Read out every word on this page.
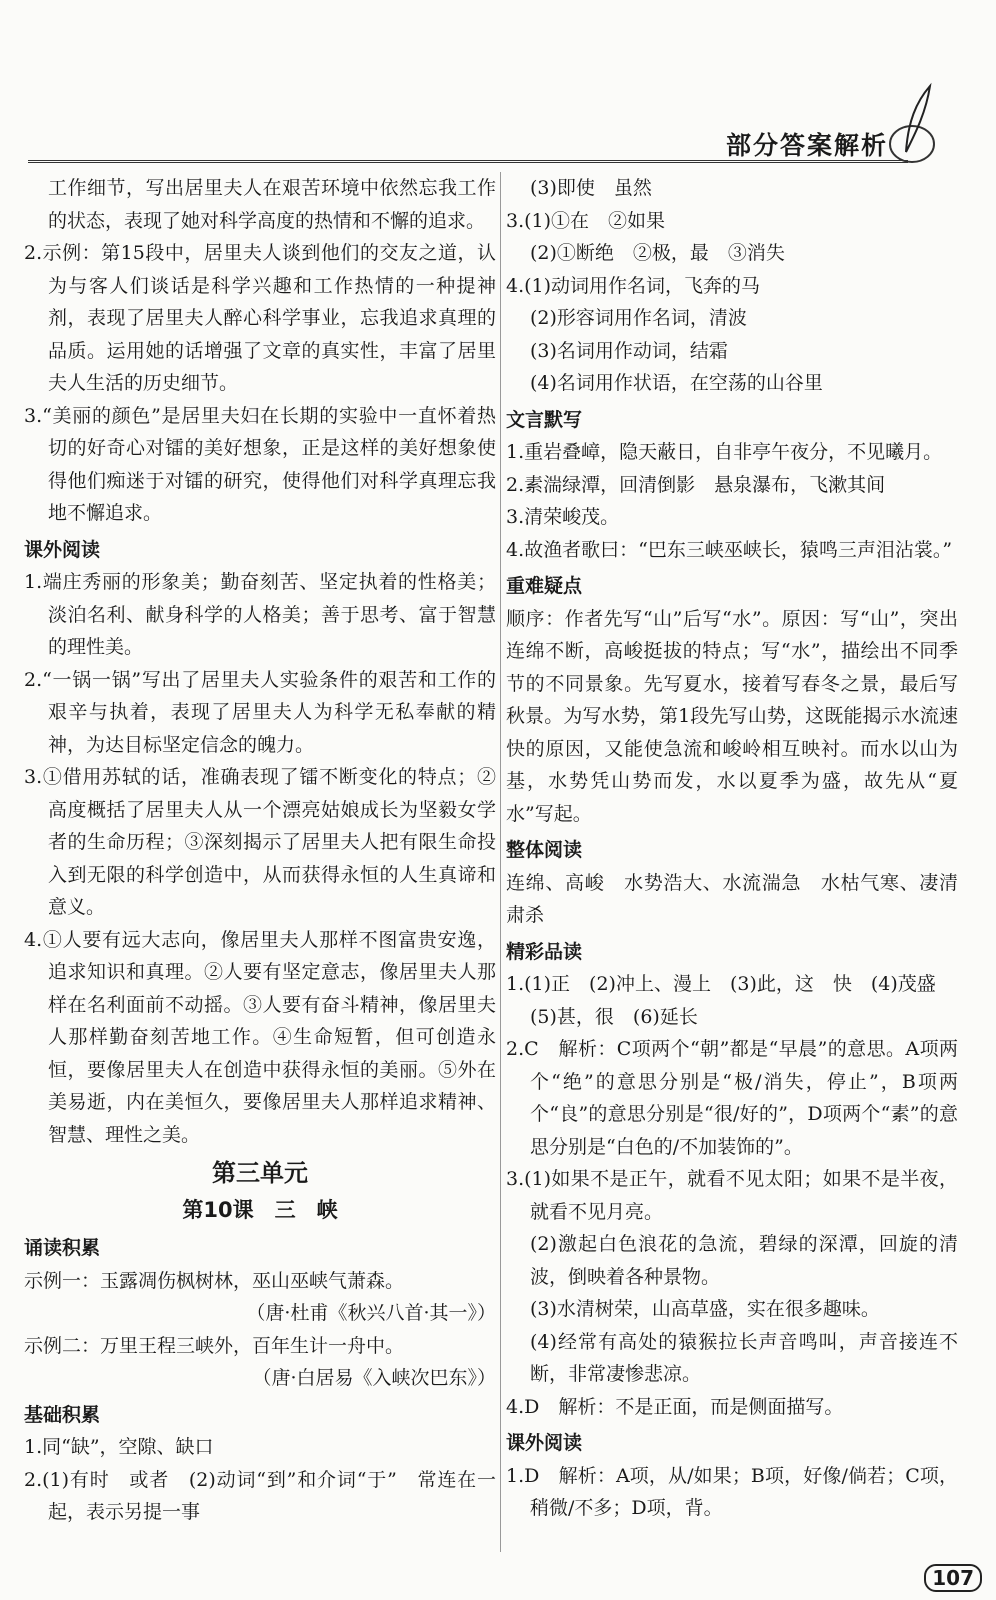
部分答案解析

工作细节，写出居里夫人在艰苦环境中依然忘我工作的状态，表现了她对科学高度的热情和不懈的追求。

2.示例：第15段中，居里夫人谈到他们的交友之道，认为与客人们谈话是科学兴趣和工作热情的一种提神剂，表现了居里夫人醉心科学事业，忘我追求真理的品质。运用她的话增强了文章的真实性，丰富了居里夫人生活的历史细节。

3.“美丽的颜色”是居里夫妇在长期的实验中一直怀着热切的好奇心对镭的美好想象，正是这样的美好想象使得他们痴迷于对镭的研究，使得他们对科学真理忘我地不懈追求。

课外阅读

1.端庄秀丽的形象美；勤奋刻苦、坚定执着的性格美；淡泊名利、献身科学的人格美；善于思考、富于智慧的理性美。

2.“一锅一锅”写出了居里夫人实验条件的艰苦和工作的艰辛与执着，表现了居里夫人为科学无私奉献的精神，为达目标坚定信念的魄力。

3.①借用苏轼的话，准确表现了镭不断变化的特点；②高度概括了居里夫人从一个漂亮姑娘成长为坚毅女学者的生命历程；③深刻揭示了居里夫人把有限生命投入到无限的科学创造中，从而获得永恒的人生真谛和意义。

4.①人要有远大志向，像居里夫人那样不图富贵安逸，追求知识和真理。②人要有坚定意志，像居里夫人那样在名利面前不动摇。③人要有奋斗精神，像居里夫人那样勤奋刻苦地工作。④生命短暂，但可创造永恒，要像居里夫人在创造中获得永恒的美丽。⑤外在美易逝，内在美恒久，要像居里夫人那样追求精神、智慧、理性之美。

第三单元

第10课　三　峡

诵读积累

示例一：玉露凋伤枫树林，巫山巫峡气萧森。

（唐·杜甫《秋兴八首·其一》）

示例二：万里王程三峡外，百年生计一舟中。

（唐·白居易《入峡次巴东》）

基础积累

1.同“缺”，空隙、缺口

2.(1)有时　或者　(2)动词“到”和介词“于”　常连在一起，表示另提一事

(3)即使　虽然

3.(1)①在　②如果

(2)①断绝　②极，最　③消失

4.(1)动词用作名词，飞奔的马

(2)形容词用作名词，清波

(3)名词用作动词，结霜

(4)名词用作状语，在空荡的山谷里

文言默写

1.重岩叠嶂，隐天蔽日，自非亭午夜分，不见曦月。

2.素湍绿潭，回清倒影　悬泉瀑布，飞漱其间

3.清荣峻茂。

4.故渔者歌曰：“巴东三峡巫峡长，猿鸣三声泪沾裳。”

重难疑点

顺序：作者先写“山”后写“水”。原因：写“山”，突出连绵不断，高峻挺拔的特点；写“水”，描绘出不同季节的不同景象。先写夏水，接着写春冬之景，最后写秋景。为写水势，第1段先写山势，这既能揭示水流速快的原因，又能使急流和峻岭相互映衬。而水以山为基，水势凭山势而发，水以夏季为盛，故先从“夏水”写起。

整体阅读

连绵、高峻　水势浩大、水流湍急　水枯气寒、凄清肃杀

精彩品读

1.(1)正　(2)冲上、漫上　(3)此，这　快　(4)茂盛

(5)甚，很　(6)延长

2.C　解析：C项两个“朝”都是“早晨”的意思。A项两个“绝”的意思分别是“极/消失，停止”，B项两个“良”的意思分别是“很/好的”，D项两个“素”的意思分别是“白色的/不加装饰的”。

3.(1)如果不是正午，就看不见太阳；如果不是半夜，就看不见月亮。

(2)激起白色浪花的急流，碧绿的深潭，回旋的清波，倒映着各种景物。

(3)水清树荣，山高草盛，实在很多趣味。

(4)经常有高处的猿猴拉长声音鸣叫，声音接连不断，非常凄惨悲凉。

4.D　解析：不是正面，而是侧面描写。

课外阅读

1.D　解析：A项，从/如果；B项，好像/倘若；C项，稍微/不多；D项，背。

107
